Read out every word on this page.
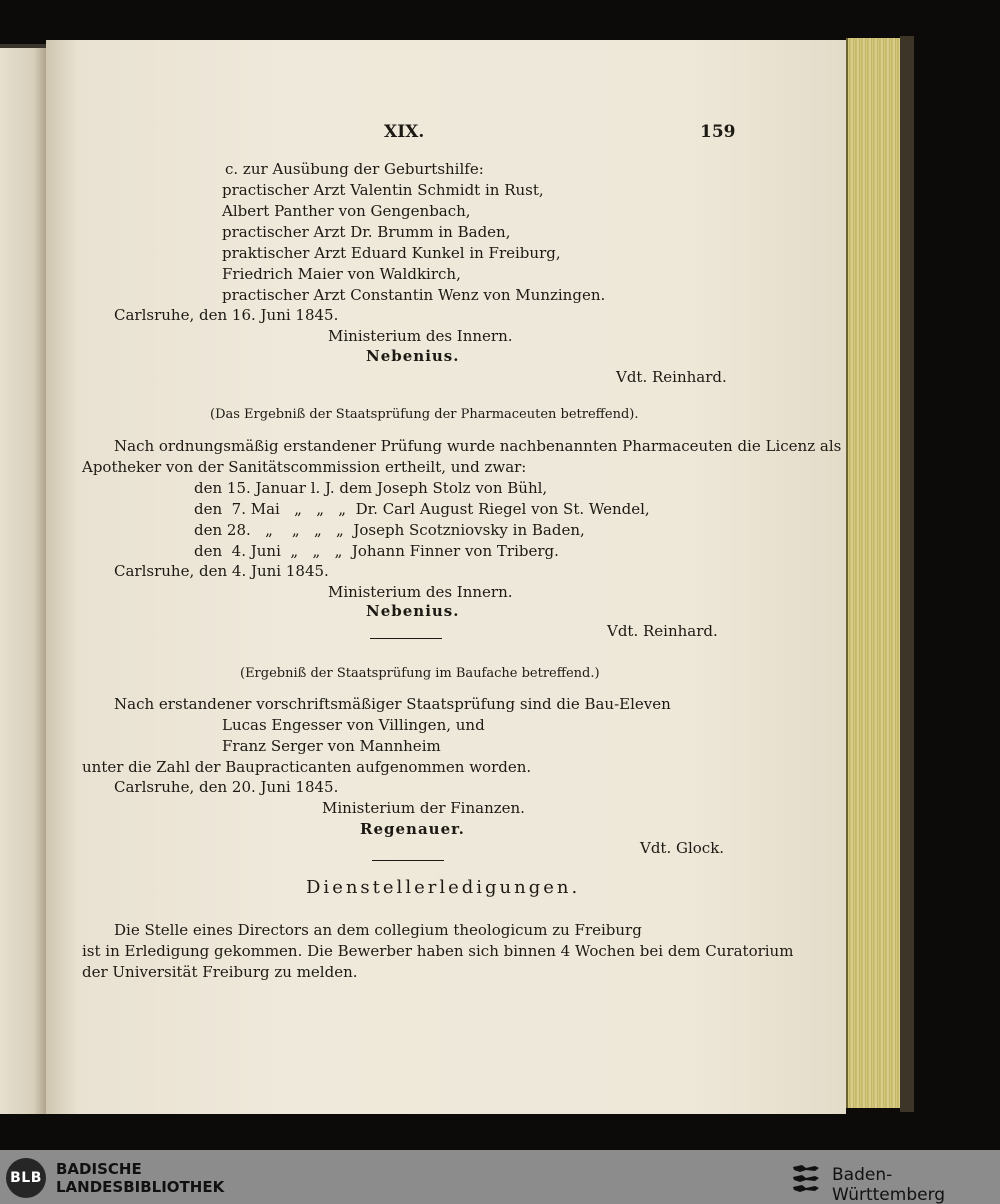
XIX.	159
c. zur Ausübung der Geburtshilfe:
practischer Arzt Valentin Schmidt in Rust,
Albert Panther von Gengenbach,
practischer Arzt Dr. Brumm in Baden,
praktischer Arzt Eduard Kunkel in Freiburg,
Friedrich Maier von Waldkirch,
practischer Arzt Constantin Wenz von Munzingen.
Carlsruhe, den 16. Juni 1845.
Ministerium des Innern.
Nebenius.
Vdt. Reinhard.
(Das Ergebniß der Staatsprüfung der Pharmaceuten betreffend).
Nach ordnungsmäßig erstandener Prüfung wurde nachbenannten Pharmaceuten die Licenz als
Apotheker von der Sanitätscommission ertheilt, und zwar:
den 15. Januar l. J. dem Joseph Stolz von Bühl,
den  7. Mai   „   „   „  Dr. Carl August Riegel von St. Wendel,
den 28.   „    „   „   „  Joseph Scotzniovsky in Baden,
den  4. Juni  „   „   „  Johann Finner von Triberg.
Carlsruhe, den 4. Juni 1845.
Ministerium des Innern.
Nebenius.
Vdt. Reinhard.
(Ergebniß der Staatsprüfung im Baufache betreffend.)
Nach erstandener vorschriftsmäßiger Staatsprüfung sind die Bau-Eleven
Lucas Engesser von Villingen, und
Franz Serger von Mannheim
unter die Zahl der Baupracticanten aufgenommen worden.
Carlsruhe, den 20. Juni 1845.
Ministerium der Finanzen.
Regenauer.
Vdt. Glock.
Dienstellerledigungen.
Die Stelle eines Directors an dem collegium theologicum zu Freiburg
ist in Erledigung gekommen. Die Bewerber haben sich binnen 4 Wochen bei dem Curatorium
der Universität Freiburg zu melden.
BLB BADISCHE
LANDESBIBLIOTHEK
Baden-Württemberg
